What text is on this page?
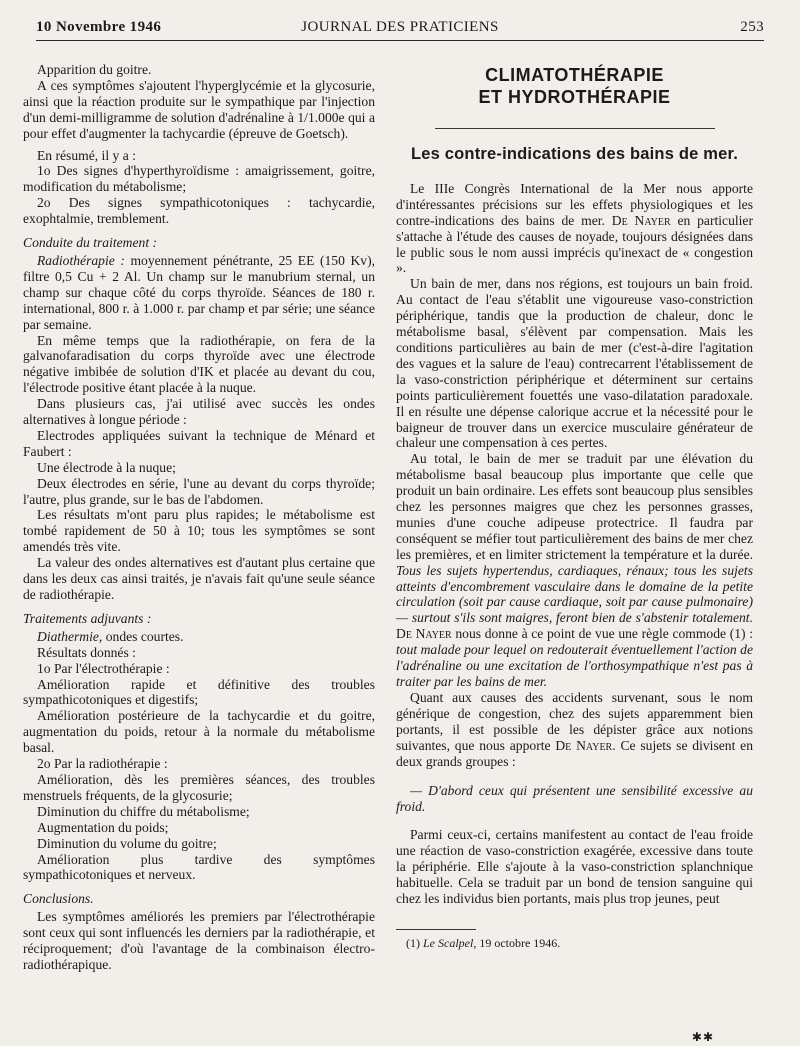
10 Novembre 1946	JOURNAL DES PRATICIENS	253

Apparition du goitre.

A ces symptômes s'ajoutent l'hyperglycémie et la glycosurie, ainsi que la réaction produite sur le sympathique par l'injection d'un demi-milligramme de solution d'adrénaline à 1/1.000e qui a pour effet d'augmenter la tachycardie (épreuve de Goetsch).

En résumé, il y a :

1o Des signes d'hyperthyroïdisme : amaigrissement, goitre, modification du métabolisme;

2o Des signes sympathicotoniques : tachycardie, exophtalmie, tremblement.

Conduite du traitement :

Radiothérapie : moyennement pénétrante, 25 EE (150 Kv), filtre 0,5 Cu + 2 Al. Un champ sur le manubrium sternal, un champ sur chaque côté du corps thyroïde. Séances de 180 r. international, 800 r. à 1.000 r. par champ et par série; une séance par semaine.

En même temps que la radiothérapie, on fera de la galvanofaradisation du corps thyroïde avec une électrode négative imbibée de solution d'IK et placée au devant du cou, l'électrode positive étant placée à la nuque.

Dans plusieurs cas, j'ai utilisé avec succès les ondes alternatives à longue période :

Electrodes appliquées suivant la technique de Ménard et Faubert :

Une électrode à la nuque;

Deux électrodes en série, l'une au devant du corps thyroïde; l'autre, plus grande, sur le bas de l'abdomen.

Les résultats m'ont paru plus rapides; le métabolisme est tombé rapidement de 50 à 10; tous les symptômes se sont amendés très vite.

La valeur des ondes alternatives est d'autant plus certaine que dans les deux cas ainsi traités, je n'avais fait qu'une seule séance de radiothérapie.

Traitements adjuvants :

Diathermie, ondes courtes.

Résultats donnés :

1o Par l'électrothérapie :

Amélioration rapide et définitive des troubles sympathicotoniques et digestifs;

Amélioration postérieure de la tachycardie et du goitre, augmentation du poids, retour à la normale du métabolisme basal.

2o Par la radiothérapie :

Amélioration, dès les premières séances, des troubles menstruels fréquents, de la glycosurie;

Diminution du chiffre du métabolisme;

Augmentation du poids;

Diminution du volume du goitre;

Amélioration plus tardive des symptômes sympathicotoniques et nerveux.

Conclusions.

Les symptômes améliorés les premiers par l'électrothérapie sont ceux qui sont influencés les derniers par la radiothérapie, et réciproquement; d'où l'avantage de la combinaison électro-radiothérapique.

CLIMATOTHÉRAPIE
ET HYDROTHÉRAPIE
Les contre-indications des bains de mer.

Le IIIe Congrès International de la Mer nous apporte d'intéressantes précisions sur les effets physiologiques et les contre-indications des bains de mer. De Nayer en particulier s'attache à l'étude des causes de noyade, toujours désignées dans le public sous le nom aussi imprécis qu'inexact de « congestion ».

Un bain de mer, dans nos régions, est toujours un bain froid. Au contact de l'eau s'établit une vigoureuse vaso-constriction périphérique, tandis que la production de chaleur, donc le métabolisme basal, s'élèvent par compensation. Mais les conditions particulières au bain de mer (c'est-à-dire l'agitation des vagues et la salure de l'eau) contrecarrent l'établissement de la vaso-constriction périphérique et déterminent sur certains points particulièrement fouettés une vaso-dilatation paradoxale. Il en résulte une dépense calorique accrue et la nécessité pour le baigneur de trouver dans un exercice musculaire générateur de chaleur une compensation à ces pertes.

Au total, le bain de mer se traduit par une élévation du métabolisme basal beaucoup plus importante que celle que produit un bain ordinaire. Les effets sont beaucoup plus sensibles chez les personnes maigres que chez les personnes grasses, munies d'une couche adipeuse protectrice. Il faudra par conséquent se méfier tout particulièrement des bains de mer chez les premières, et en limiter strictement la température et la durée. Tous les sujets hypertendus, cardiaques, rénaux; tous les sujets atteints d'encombrement vasculaire dans le domaine de la petite circulation (soit par cause cardiaque, soit par cause pulmonaire) — surtout s'ils sont maigres, feront bien de s'abstenir totalement. De Nayer nous donne à ce point de vue une règle commode (1) : tout malade pour lequel on redouterait éventuellement l'action de l'adrénaline ou une excitation de l'orthosympathique n'est pas à traiter par les bains de mer.

Quant aux causes des accidents survenant, sous le nom générique de congestion, chez des sujets apparemment bien portants, il est possible de les dépister grâce aux notions suivantes, que nous apporte De Nayer. Ce sujets se divisent en deux grands groupes :

— D'abord ceux qui présentent une sensibilité excessive au froid.

Parmi ceux-ci, certains manifestent au contact de l'eau froide une réaction de vaso-constriction exagérée, excessive dans toute la périphérie. Elle s'ajoute à la vaso-constriction splanchnique habituelle. Cela se traduit par un bond de tension sanguine qui chez les individus bien portants, mais plus trop jeunes, peut

(1) Le Scalpel, 19 octobre 1946.

✱✱
